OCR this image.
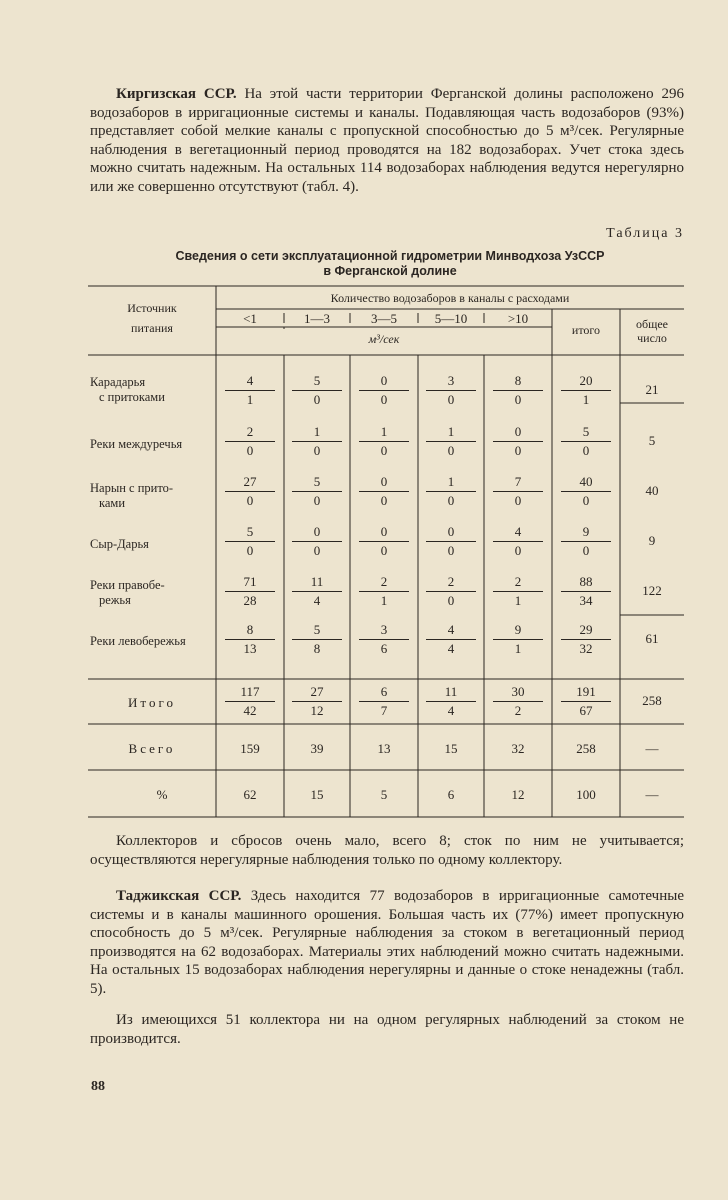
Киргизская ССР. На этой части территории Ферганской долины расположено 296 водозаборов в ирригационные системы и каналы. Подавляющая часть водозаборов (93%) представляет собой мелкие каналы с пропускной способностью до 5 м³/сек. Регулярные наблюдения в вегетационный период проводятся на 182 водозаборах. Учет стока здесь можно считать надежным. На остальных 114 водозаборах наблюдения ведутся нерегулярно или же совершенно отсутствуют (табл. 4).

Таблица 3
Сведения о сети эксплуатационной гидрометрии Минводхоза УзССР
в Ферганской долине
Источник
питания
Количество водозаборов в каналы с расходами
<1	1—3	3—5	5—10	>10
м³/сек
итого	общее
число
Карадарья
с притоками	$\frac{4}{1} \frac{5}{0} \frac{0}{0} \frac{3}{0} \frac{8}{0} \frac{20}{1}$	21
Реки междуречья	$\frac{2}{0} \frac{1}{0} \frac{1}{0} \frac{1}{0} \frac{0}{0} \frac{5}{0}$	5
Нарын с прито-
ками	$\frac{27}{0} \frac{5}{0} \frac{0}{0} \frac{1}{0} \frac{7}{0} \frac{40}{0}$	40
Сыр-Дарья	$\frac{5}{0} \frac{0}{0} \frac{0}{0} \frac{0}{0} \frac{4}{0} \frac{9}{0}$	9
Реки правобе-
режья	$\frac{71}{28} \frac{11}{4} \frac{2}{1} \frac{2}{0} \frac{2}{1} \frac{88}{34}$	122
Реки левобережья	$\frac{8}{13} \frac{5}{8} \frac{3}{6} \frac{4}{4} \frac{9}{1} \frac{29}{32}$	61
Итого	$\frac{117}{42} \frac{27}{12} \frac{6}{7} \frac{11}{4} \frac{30}{2} \frac{191}{67}$	258
Всего	159	39	13	15	32	258	—
%	62	15	5	6	12	100	—

Коллекторов и сбросов очень мало, всего 8; сток по ним не учитывается; осуществляются нерегулярные наблюдения только по одному коллектору.

Таджикская ССР. Здесь находится 77 водозаборов в ирригационные самотечные системы и в каналы машинного орошения. Большая часть их (77%) имеет пропускную способность до 5 м³/сек. Регулярные наблюдения за стоком в вегетационный период производятся на 62 водозаборах. Материалы этих наблюдений можно считать надежными. На остальных 15 водозаборах наблюдения нерегулярны и данные о стоке ненадежны (табл. 5).

Из имеющихся 51 коллектора ни на одном регулярных наблюдений за стоком не производится.

88
